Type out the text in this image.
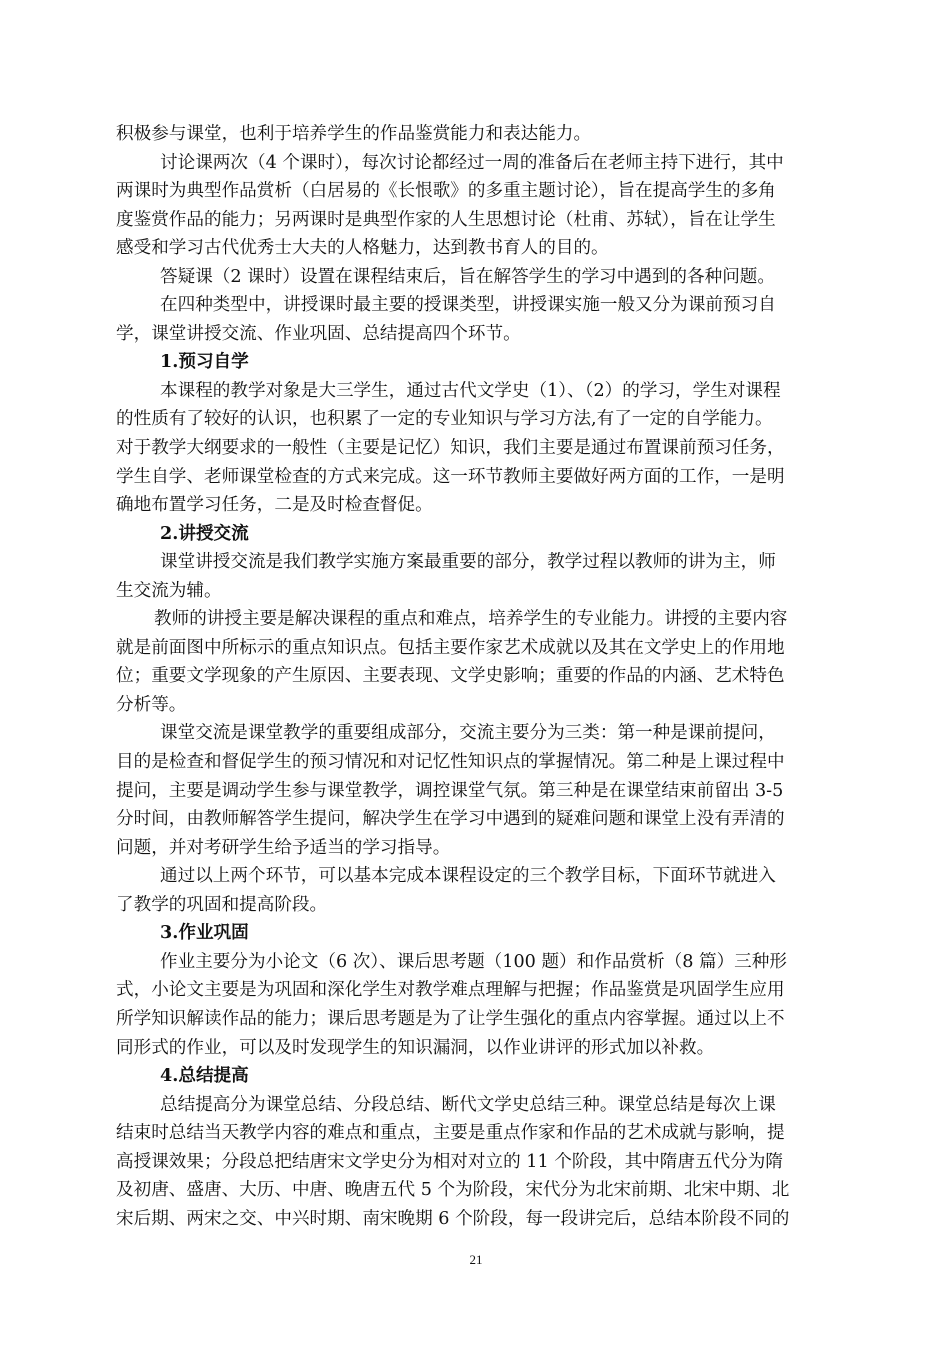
积极参与课堂，也利于培养学生的作品鉴赏能力和表达能力。
讨论课两次（4 个课时），每次讨论都经过一周的准备后在老师主持下进行，其中
两课时为典型作品赏析（白居易的《长恨歌》的多重主题讨论），旨在提高学生的多角
度鉴赏作品的能力；另两课时是典型作家的人生思想讨论（杜甫、苏轼），旨在让学生
感受和学习古代优秀士大夫的人格魅力，达到教书育人的目的。
答疑课（2 课时）设置在课程结束后，旨在解答学生的学习中遇到的各种问题。
在四种类型中，讲授课时最主要的授课类型，讲授课实施一般又分为课前预习自
学，课堂讲授交流、作业巩固、总结提高四个环节。
1.预习自学
本课程的教学对象是大三学生，通过古代文学史（1）、（2）的学习，学生对课程
的性质有了较好的认识，也积累了一定的专业知识与学习方法,有了一定的自学能力。
对于教学大纲要求的一般性（主要是记忆）知识，我们主要是通过布置课前预习任务，
学生自学、老师课堂检查的方式来完成。这一环节教师主要做好两方面的工作，一是明
确地布置学习任务，二是及时检查督促。
2.讲授交流
课堂讲授交流是我们教学实施方案最重要的部分，教学过程以教师的讲为主，师
生交流为辅。
教师的讲授主要是解决课程的重点和难点，培养学生的专业能力。讲授的主要内容
就是前面图中所标示的重点知识点。包括主要作家艺术成就以及其在文学史上的作用地
位；重要文学现象的产生原因、主要表现、文学史影响；重要的作品的内涵、艺术特色
分析等。
课堂交流是课堂教学的重要组成部分，交流主要分为三类：第一种是课前提问，
目的是检查和督促学生的预习情况和对记忆性知识点的掌握情况。第二种是上课过程中
提问，主要是调动学生参与课堂教学，调控课堂气氛。第三种是在课堂结束前留出 3-5
分时间，由教师解答学生提问，解决学生在学习中遇到的疑难问题和课堂上没有弄清的
问题，并对考研学生给予适当的学习指导。
通过以上两个环节，可以基本完成本课程设定的三个教学目标，下面环节就进入
了教学的巩固和提高阶段。
3.作业巩固
作业主要分为小论文（6 次）、课后思考题（100 题）和作品赏析（8 篇）三种形
式，小论文主要是为巩固和深化学生对教学难点理解与把握；作品鉴赏是巩固学生应用
所学知识解读作品的能力；课后思考题是为了让学生强化的重点内容掌握。通过以上不
同形式的作业，可以及时发现学生的知识漏洞，以作业讲评的形式加以补救。
4.总结提高
总结提高分为课堂总结、分段总结、断代文学史总结三种。课堂总结是每次上课
结束时总结当天教学内容的难点和重点，主要是重点作家和作品的艺术成就与影响，提
高授课效果；分段总把结唐宋文学史分为相对对立的 11 个阶段，其中隋唐五代分为隋
及初唐、盛唐、大历、中唐、晚唐五代 5 个为阶段，宋代分为北宋前期、北宋中期、北
宋后期、两宋之交、中兴时期、南宋晚期 6 个阶段，每一段讲完后，总结本阶段不同的
21
